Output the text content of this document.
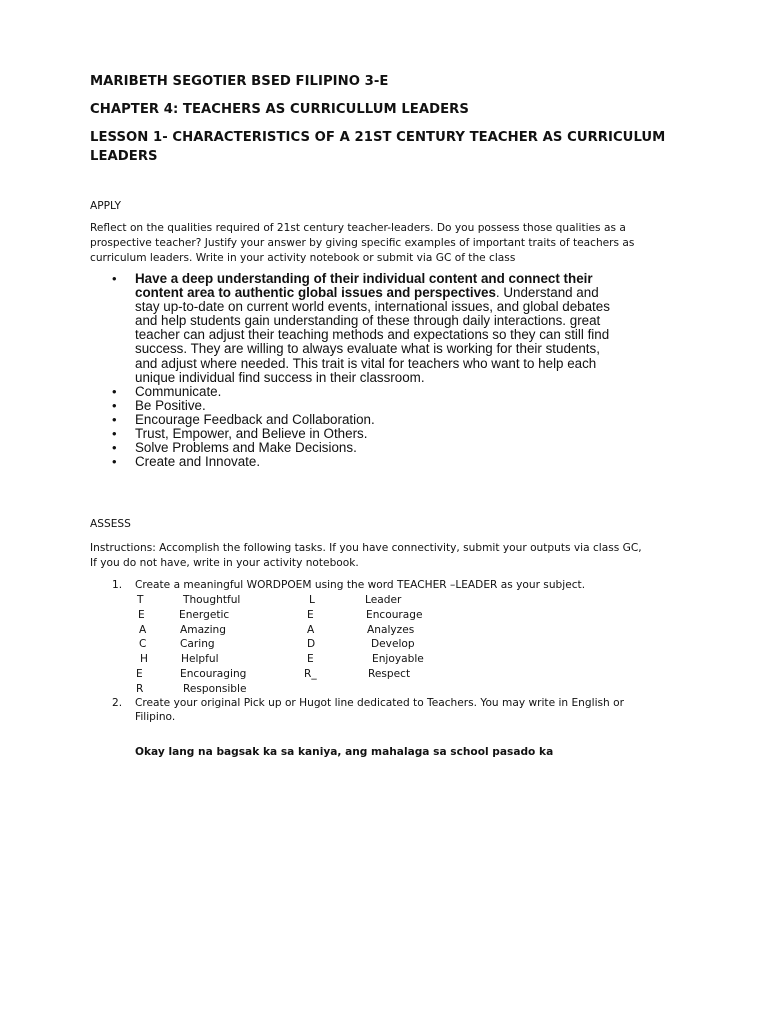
MARIBETH SEGOTIER BSED FILIPINO 3-E

CHAPTER 4: TEACHERS AS CURRICULLUM LEADERS

LESSON 1- CHARACTERISTICS OF A 21ST CENTURY TEACHER AS CURRICULUM
LEADERS

APPLY

Reflect on the qualities required of 21st century teacher-leaders. Do you possess those qualities as a
prospective teacher? Justify your answer by giving specific examples of important traits of teachers as
curriculum leaders. Write in your activity notebook or submit via GC of the class
• Have a deep understanding of their individual content and connect their
content area to authentic global issues and perspectives. Understand and
stay up-to-date on current world events, international issues, and global debates
and help students gain understanding of these through daily interactions. great
teacher can adjust their teaching methods and expectations so they can still find
success. They are willing to always evaluate what is working for their students,
and adjust where needed. This trait is vital for teachers who want to help each
unique individual find success in their classroom.
• Communicate.
• Be Positive.
• Encourage Feedback and Collaboration.
• Trust, Empower, and Believe in Others.
• Solve Problems and Make Decisions.
• Create and Innovate.

ASSESS

Instructions: Accomplish the following tasks. If you have connectivity, submit your outputs via class GC,
If you do not have, write in your activity notebook.
1. Create a meaningful WORDPOEM using the word TEACHER –LEADER as your subject.
T	Thoughtful	L	Leader
E	Energetic	E	Encourage
A	Amazing	A	Analyzes
C	Caring	D	Develop
H	Helpful	E	Enjoyable
E	Encouraging	R_	Respect
R	Responsible
2. Create your original Pick up or Hugot line dedicated to Teachers. You may write in English or
Filipino.

Okay lang na bagsak ka sa kaniya, ang mahalaga sa school pasado ka
